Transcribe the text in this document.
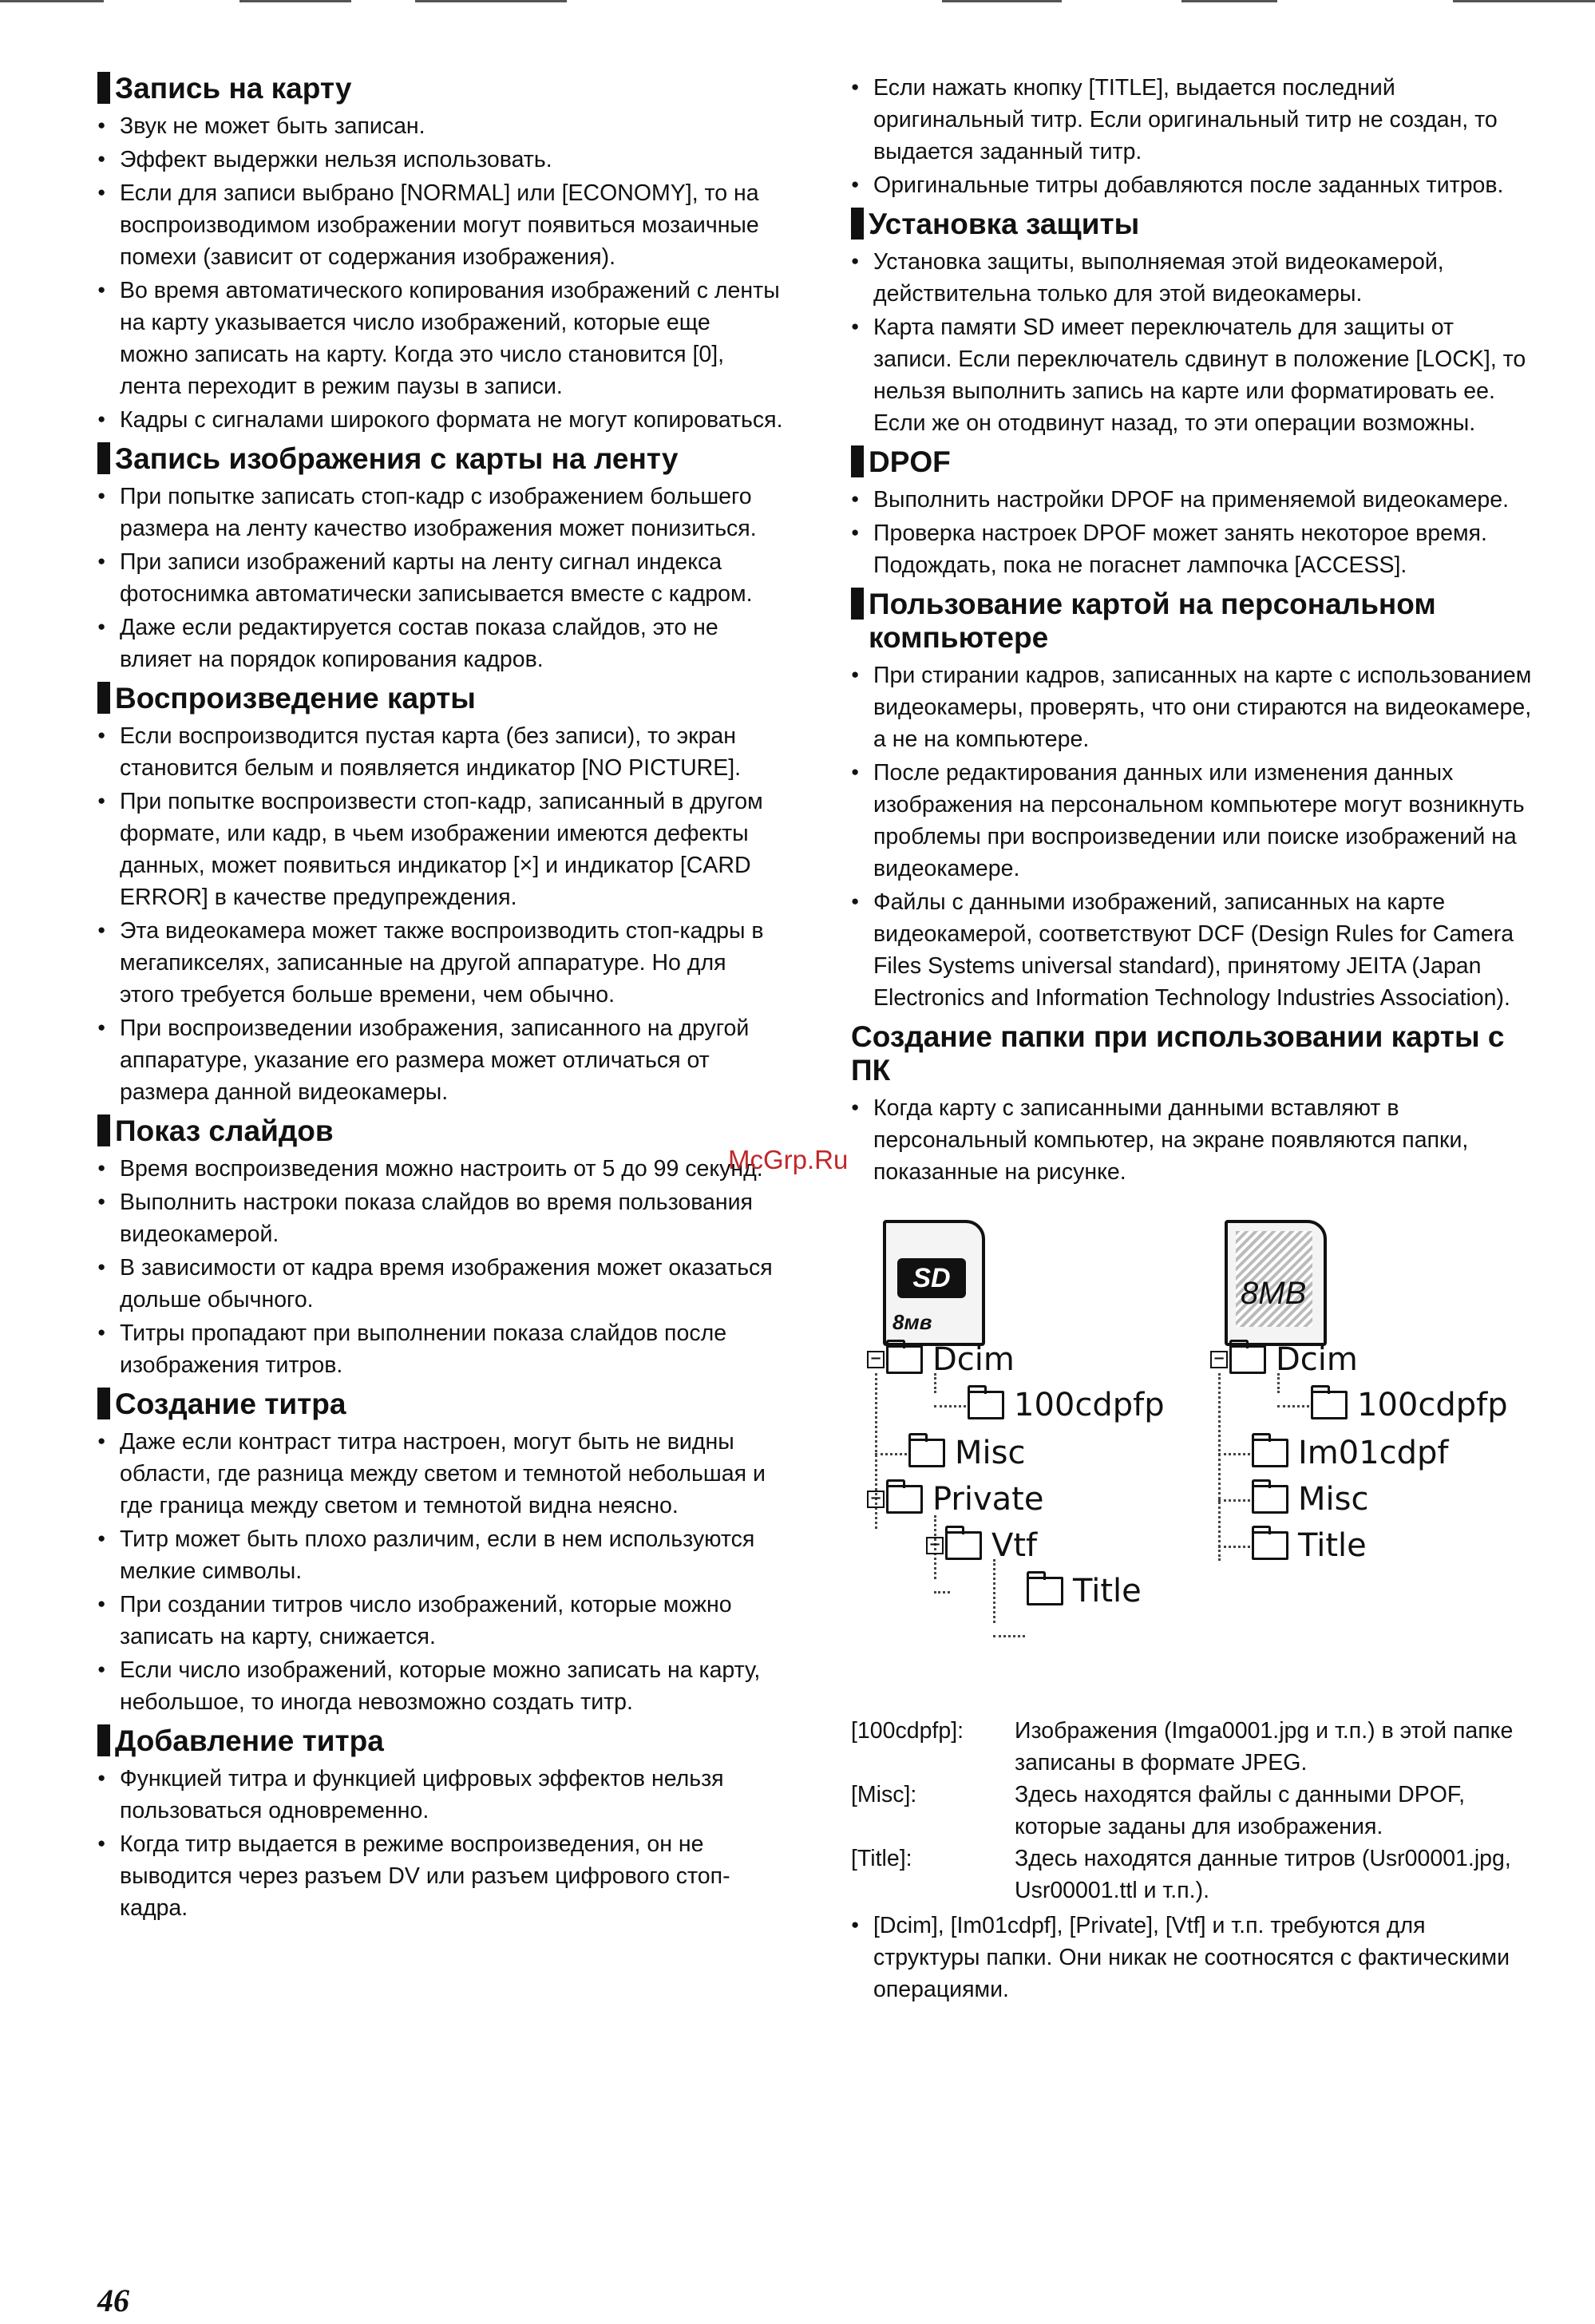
Запись на карту
● Звук не может быть записан.
● Эффект выдержки нельзя использовать.
● Если для записи выбрано [NORMAL] или [ECONOMY], то на воспроизводимом изображении могут появиться мозаичные помехи (зависит от содержания изображения).
● Во время автоматического копирования изображений с ленты на карту указывается число изображений, которые еще можно записать на карту. Когда это число становится [0], лента переходит в режим паузы в записи.
● Кадры с сигналами широкого формата не могут копироваться.
Запись изображения с карты на ленту
● При попытке записать стоп-кадр с изображением большего размера на ленту качество изображения может понизиться.
● При записи изображений карты на ленту сигнал индекса фотоснимка автоматически записывается вместе с кадром.
● Даже если редактируется состав показа слайдов, это не влияет на порядок копирования кадров.
Воспроизведение карты
● Если воспроизводится пустая карта (без записи), то экран становится белым и появляется индикатор [NO PICTURE].
● При попытке воспроизвести стоп-кадр, записанный в другом формате, или кадр, в чьем изображении имеются дефекты данных, может появиться индикатор [×] и индикатор [CARD ERROR] в качестве предупреждения.
● Эта видеокамера может также воспроизводить стоп-кадры в мегапикселях, записанные на другой аппаратуре. Но для этого требуется больше времени, чем обычно.
● При воспроизведении изображения, записанного на другой аппаратуре, указание его размера может отличаться от размера данной видеокамеры.
Показ слайдов
● Время воспроизведения можно настроить от 5 до 99 секунд.
● Выполнить настроки показа слайдов во время пользования видеокамерой.
● В зависимости от кадра время изображения может оказаться дольше обычного.
● Титры пропадают при выполнении показа слайдов после изображения титров.
Создание титра
● Даже если контраст титра настроен, могут быть не видны области, где разница между светом и темнотой небольшая и где граница между светом и темнотой видна неясно.
● Титр может быть плохо различим, если в нем используются мелкие символы.
● При создании титров число изображений, которые можно записать на карту, снижается.
● Если число изображений, которые можно записать на карту, небольшое, то иногда невозможно создать титр.
Добавление титра
● Функцией титра и функцией цифровых эффектов нельзя пользоваться одновременно.
● Когда титр выдается в режиме воспроизведения, он не выводится через разъем DV или разъем цифрового стоп-кадра.
● Если нажать кнопку [TITLE], выдается последний оригинальный титр. Если оригинальный титр не создан, то выдается заданный титр.
● Оригинальные титры добавляются после заданных титров.
Установка защиты
● Установка защиты, выполняемая этой видеокамерой, действительна только для этой видеокамеры.
● Карта памяти SD имеет переключатель для защиты от записи. Если переключатель сдвинут в положение [LOCK], то нельзя выполнить запись на карте или форматировать ее. Если же он отодвинут назад, то эти операции возможны.
DPOF
● Выполнить настройки DPOF на применяемой видеокамере.
● Проверка настроек DPOF может занять некоторое время. Подождать, пока не погаснет лампочка [ACCESS].
Пользование картой на персональном компьютере
● При стирании кадров, записанных на карте с использованием видеокамеры, проверять, что они стираются на видеокамере, а не на компьютере.
● После редактирования данных или изменения данных изображения на персональном компьютере могут возникнуть проблемы при воспроизведении или поиске изображений на видеокамере.
● Файлы с данными изображений, записанных на карте видеокамерой, соответствуют DCF (Design Rules for Camera Files Systems universal standard), принятому JEITA (Japan Electronics and Information Technology Industries Association).
Создание папки при использовании карты с ПК
● Когда карту с записанными данными вставляют в персональный компьютер, на экране появляются папки, показанные на рисунке.
SD
8мв
8MB
− Dcim
100cdpfp
Misc
− Private
− Vtf
Title
− Dcim
100cdpfp
Im01cdpf
Misc
Title
[100cdpfp]:	Изображения (Imga0001.jpg и т.п.) в этой папке записаны в формате JPEG.
[Misc]:	Здесь находятся файлы с данными DPOF, которые заданы для изображения.
[Title]:	Здесь находятся данные титров (Usr00001.jpg, Usr00001.ttl и т.п.).
● [Dcim], [Im01cdpf], [Private], [Vtf] и т.п. требуются для структуры папки. Они никак не соотносятся с фактическими операциями.
McGrp.Ru
46
